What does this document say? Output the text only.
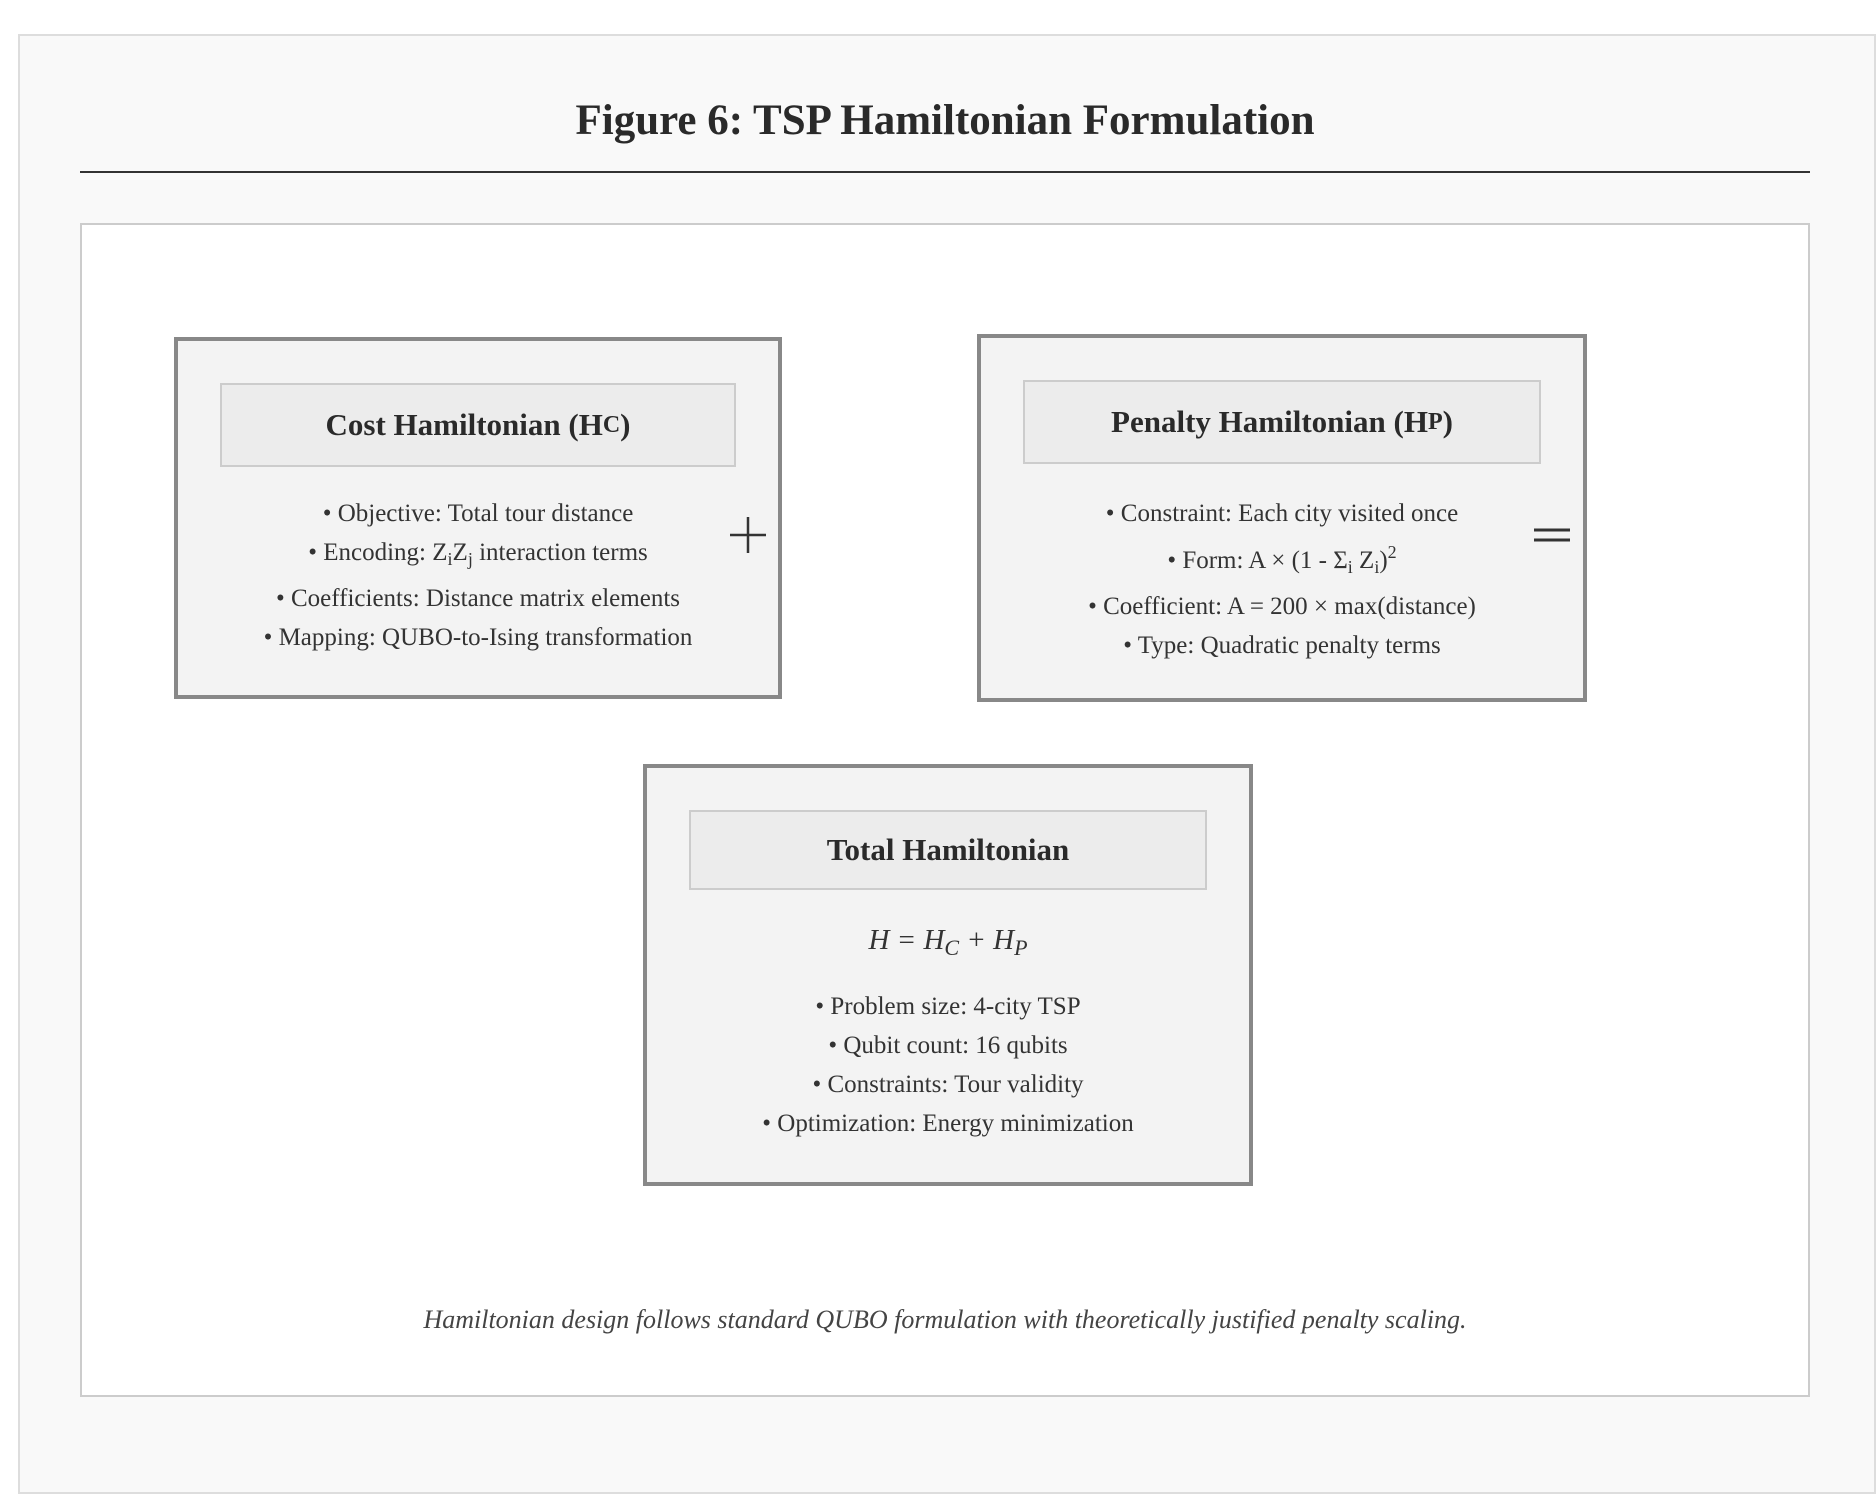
Figure 6: TSP Hamiltonian Formulation
Cost Hamiltonian (H C )
• Objective: Total tour distance
• Encoding: $Z_iZ_j$ interaction terms
• Coefficients: Distance matrix elements
• Mapping: QUBO-to-Ising transformation
Penalty Hamiltonian (H P )
• Constraint: Each city visited once
• Form: $A \times (1 - \Sigma_i$ $Z_i)^2$
• Coefficient: A = 200 × max(distance)
• Type: Quadratic penalty terms
Total Hamiltonian
$H = H_C + H_P$
• Problem size: 4-city TSP
• Qubit count: 16 qubits
• Constraints: Tour validity
• Optimization: Energy minimization
Hamiltonian design follows standard QUBO formulation with theoretically justified penalty scaling.
